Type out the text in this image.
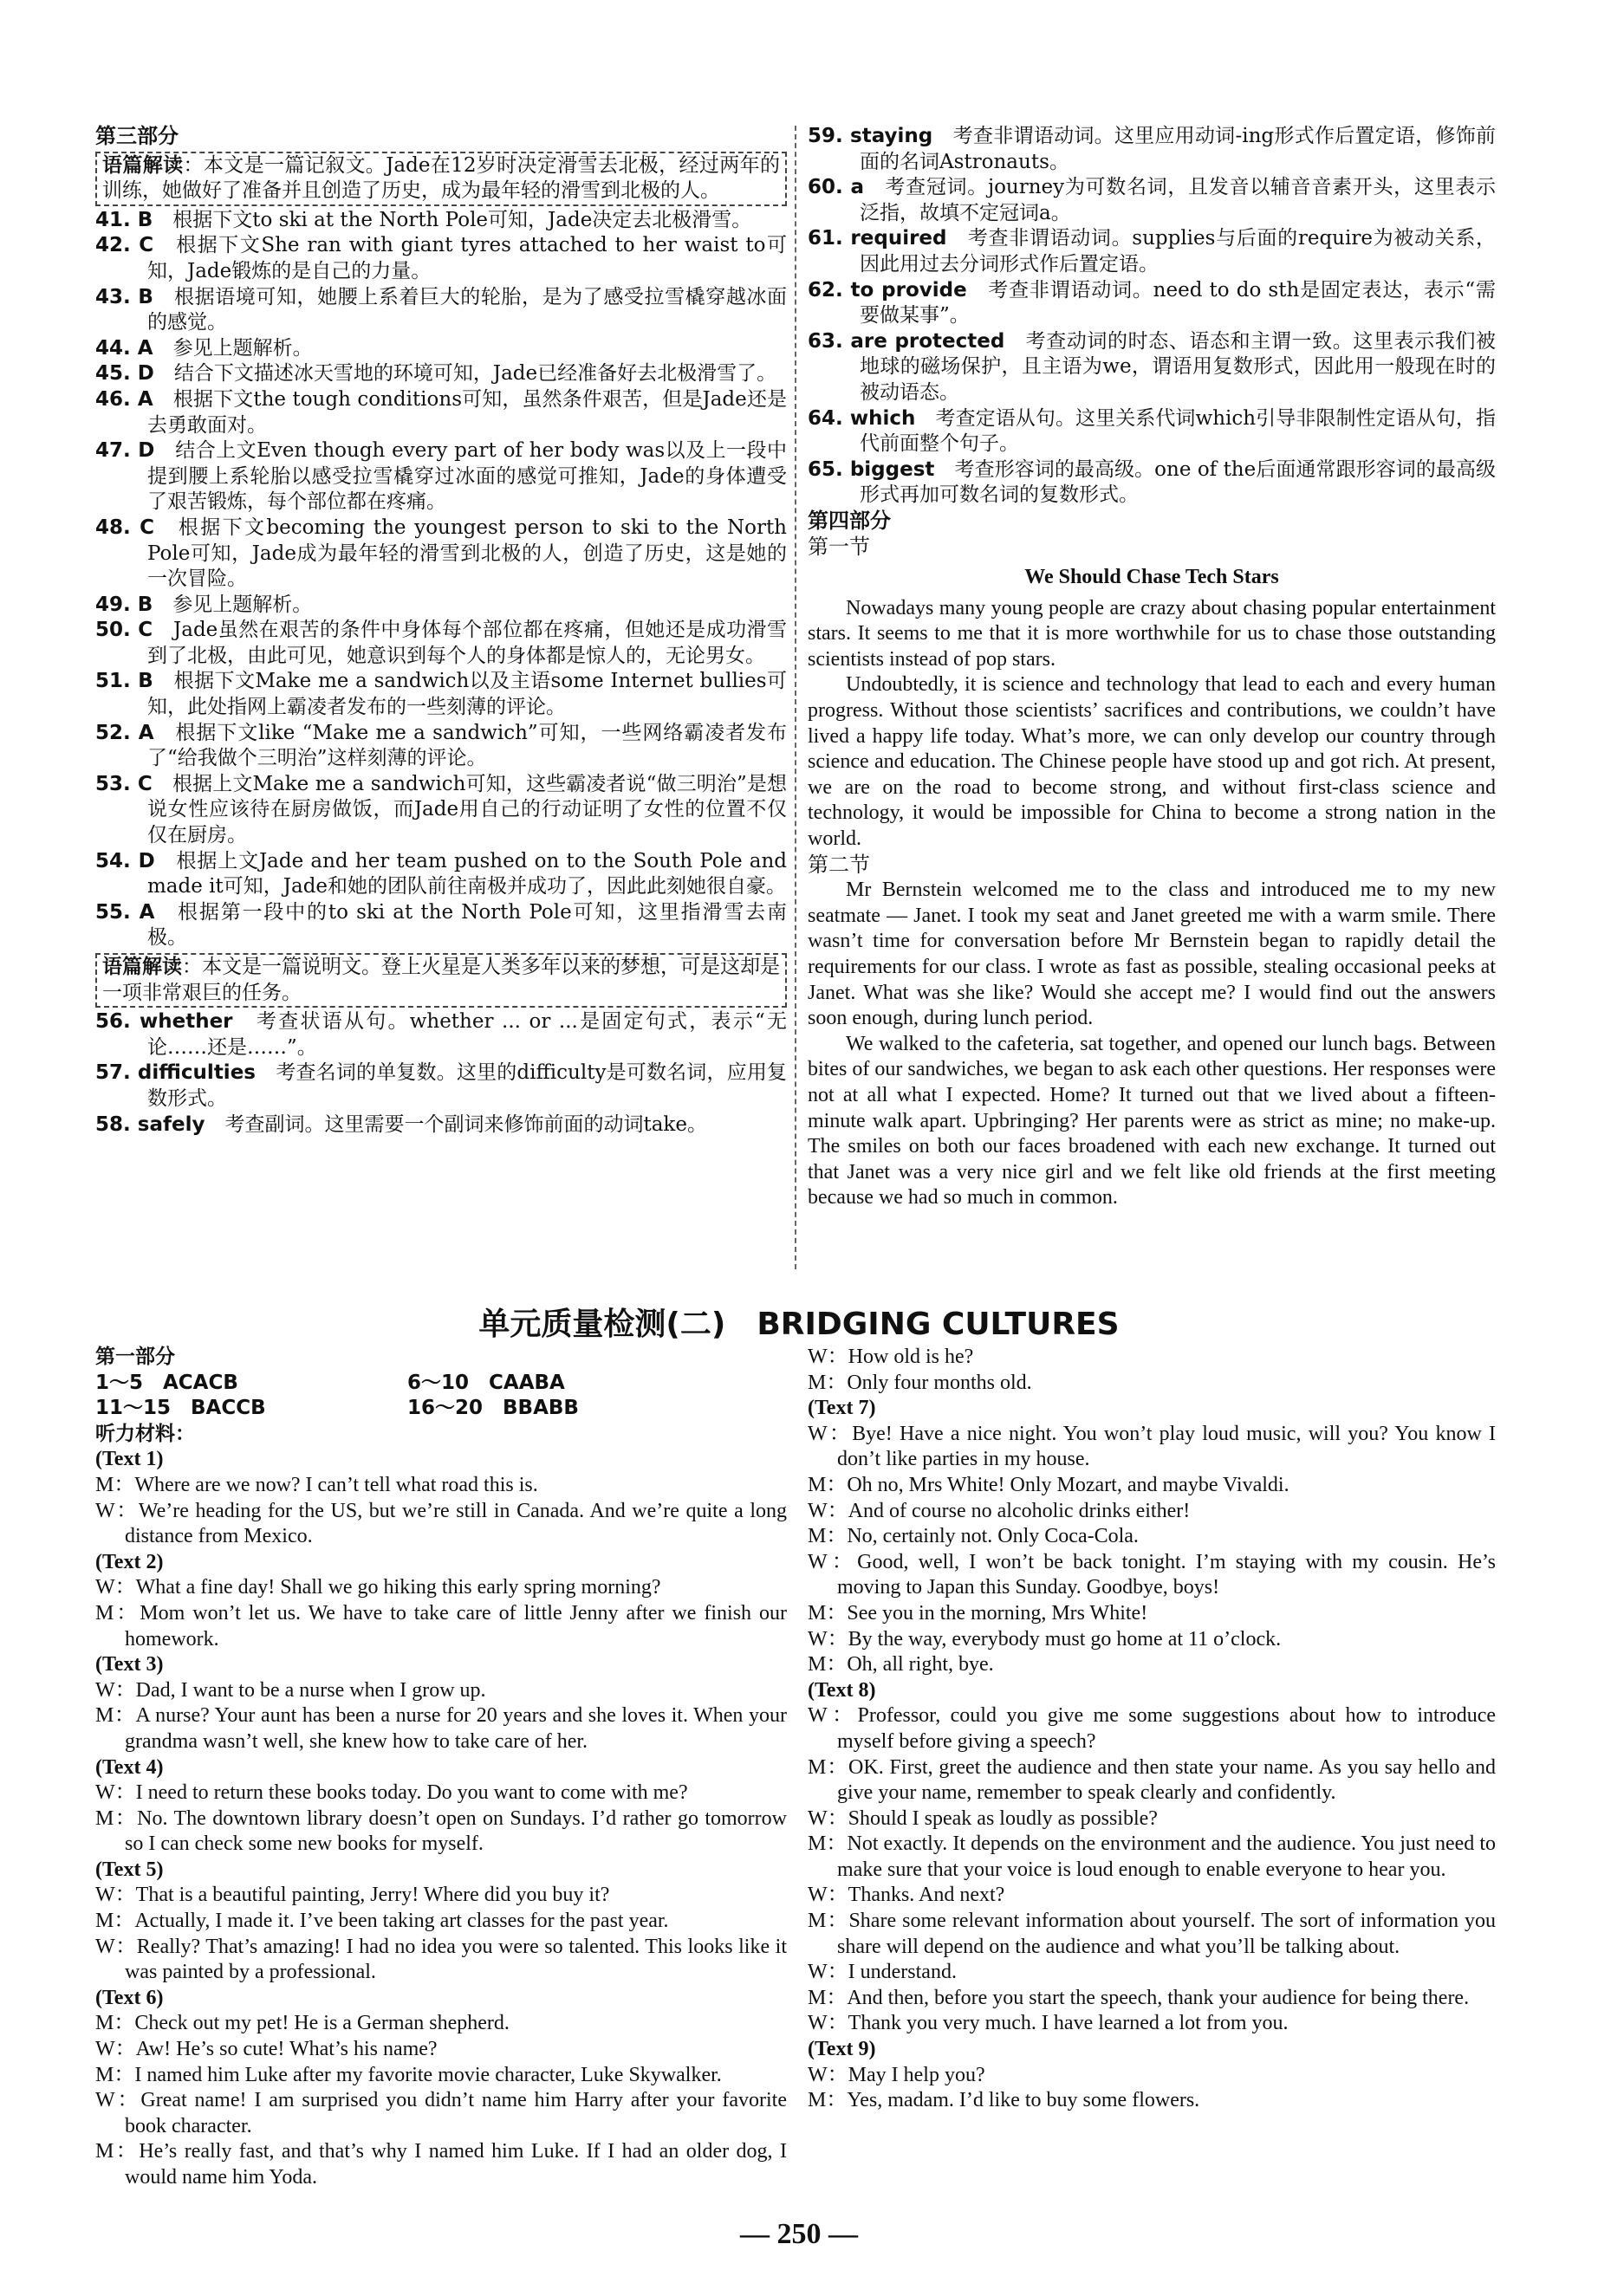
第三部分
语篇解读：本文是一篇记叙文。Jade在12岁时决定滑雪去北极，经过两年的训练，她做好了准备并且创造了历史，成为最年轻的滑雪到北极的人。
41. B　 根据下文to ski at the North Pole可知，Jade决定去北极滑雪。
42. C　 根据下文She ran with giant tyres attached to her waist to可知，Jade锻炼的是自己的力量。
43. B　 根据语境可知，她腰上系着巨大的轮胎，是为了感受拉雪橇穿越冰面的感觉。
44. A　 参见上题解析。
45. D　 结合下文描述冰天雪地的环境可知，Jade已经准备好去北极滑雪了。
46. A　 根据下文the tough conditions可知，虽然条件艰苦，但是Jade还是去勇敢面对。
47. D　 结合上文Even though every part of her body was以及上一段中提到腰上系轮胎以感受拉雪橇穿过冰面的感觉可推知，Jade的身体遭受了艰苦锻炼，每个部位都在疼痛。
48. C　 根据下文becoming the youngest person to ski to the North Pole可知，Jade成为最年轻的滑雪到北极的人，创造了历史，这是她的一次冒险。
49. B　 参见上题解析。
50. C　 Jade虽然在艰苦的条件中身体每个部位都在疼痛，但她还是成功滑雪到了北极，由此可见，她意识到每个人的身体都是惊人的，无论男女。
51. B　 根据下文Make me a sandwich以及主语some Internet bullies可知，此处指网上霸凌者发布的一些刻薄的评论。
52. A　 根据下文like “Make me a sandwich”可知，一些网络霸凌者发布了“给我做个三明治”这样刻薄的评论。
53. C　 根据上文Make me a sandwich可知，这些霸凌者说“做三明治”是想说女性应该待在厨房做饭，而Jade用自己的行动证明了女性的位置不仅仅在厨房。
54. D　 根据上文Jade and her team pushed on to the South Pole and made it可知，Jade和她的团队前往南极并成功了，因此此刻她很自豪。
55. A　 根据第一段中的to ski at the North Pole可知，这里指滑雪去南极。
语篇解读：本文是一篇说明文。登上火星是人类多年以来的梦想，可是这却是一项非常艰巨的任务。
56. whether　 考查状语从句。whether ... or ...是固定句式，表示“无论……还是……”。
57. difficulties　 考查名词的单复数。这里的difficulty是可数名词，应用复数形式。
58. safely　 考查副词。这里需要一个副词来修饰前面的动词take。
59. staying　 考查非谓语动词。这里应用动词-ing形式作后置定语，修饰前面的名词Astronauts。
60. a　 考查冠词。journey为可数名词，且发音以辅音音素开头，这里表示泛指，故填不定冠词a。
61. required　 考查非谓语动词。supplies与后面的require为被动关系，因此用过去分词形式作后置定语。
62. to provide　 考查非谓语动词。need to do sth是固定表达，表示“需要做某事”。
63. are protected　 考查动词的时态、语态和主谓一致。这里表示我们被地球的磁场保护，且主语为we，谓语用复数形式，因此用一般现在时的被动语态。
64. which　 考查定语从句。这里关系代词which引导非限制性定语从句，指代前面整个句子。
65. biggest　 考查形容词的最高级。one of the后面通常跟形容词的最高级形式再加可数名词的复数形式。
第四部分
第一节
We Should Chase Tech Stars
Nowadays many young people are crazy about chasing popular entertainment stars. It seems to me that it is more worthwhile for us to chase those outstanding scientists instead of pop stars.
Undoubtedly, it is science and technology that lead to each and every human progress. Without those scientists’ sacrifices and contributions, we couldn’t have lived a happy life today. What’s more, we can only develop our country through science and education. The Chinese people have stood up and got rich. At present, we are on the road to become strong, and without first-class science and technology, it would be impossible for China to become a strong nation in the world.
第二节
Mr Bernstein welcomed me to the class and introduced me to my new seatmate — Janet. I took my seat and Janet greeted me with a warm smile. There wasn’t time for conversation before Mr Bernstein began to rapidly detail the requirements for our class. I wrote as fast as possible, stealing occasional peeks at Janet. What was she like? Would she accept me? I would find out the answers soon enough, during lunch period.
We walked to the cafeteria, sat together, and opened our lunch bags. Between bites of our sandwiches, we began to ask each other questions. Her responses were not at all what I expected. Home? It turned out that we lived about a fifteen-minute walk apart. Upbringing? Her parents were as strict as mine; no make-up. The smiles on both our faces broadened with each new exchange. It turned out that Janet was a very nice girl and we felt like old friends at the first meeting because we had so much in common.
单元质量检测(二)　BRIDGING CULTURES
第一部分
1～5　ACACB	6～10　CAABA
11～15　BACCB	16～20　BBABB
听力材料：
(Text 1)
M：Where are we now? I can’t tell what road this is.
W：We’re heading for the US, but we’re still in Canada. And we’re quite a long distance from Mexico.
(Text 2)
W：What a fine day! Shall we go hiking this early spring morning?
M：Mom won’t let us. We have to take care of little Jenny after we finish our homework.
(Text 3)
W：Dad, I want to be a nurse when I grow up.
M：A nurse? Your aunt has been a nurse for 20 years and she loves it. When your grandma wasn’t well, she knew how to take care of her.
(Text 4)
W：I need to return these books today. Do you want to come with me?
M：No. The downtown library doesn’t open on Sundays. I’d rather go tomorrow so I can check some new books for myself.
(Text 5)
W：That is a beautiful painting, Jerry! Where did you buy it?
M：Actually, I made it. I’ve been taking art classes for the past year.
W：Really? That’s amazing! I had no idea you were so talented. This looks like it was painted by a professional.
(Text 6)
M：Check out my pet! He is a German shepherd.
W：Aw! He’s so cute! What’s his name?
M：I named him Luke after my favorite movie character, Luke Skywalker.
W：Great name! I am surprised you didn’t name him Harry after your favorite book character.
M：He’s really fast, and that’s why I named him Luke. If I had an older dog, I would name him Yoda.
W：How old is he?
M：Only four months old.
(Text 7)
W：Bye! Have a nice night. You won’t play loud music, will you? You know I don’t like parties in my house.
M：Oh no, Mrs White! Only Mozart, and maybe Vivaldi.
W：And of course no alcoholic drinks either!
M：No, certainly not. Only Coca-Cola.
W：Good, well, I won’t be back tonight. I’m staying with my cousin. He’s moving to Japan this Sunday. Goodbye, boys!
M：See you in the morning, Mrs White!
W：By the way, everybody must go home at 11 o’clock.
M：Oh, all right, bye.
(Text 8)
W：Professor, could you give me some suggestions about how to introduce myself before giving a speech?
M：OK. First, greet the audience and then state your name. As you say hello and give your name, remember to speak clearly and confidently.
W：Should I speak as loudly as possible?
M：Not exactly. It depends on the environment and the audience. You just need to make sure that your voice is loud enough to enable everyone to hear you.
W：Thanks. And next?
M：Share some relevant information about yourself. The sort of information you share will depend on the audience and what you’ll be talking about.
W：I understand.
M：And then, before you start the speech, thank your audience for being there.
W：Thank you very much. I have learned a lot from you.
(Text 9)
W：May I help you?
M：Yes, madam. I’d like to buy some flowers.
— 250 —
